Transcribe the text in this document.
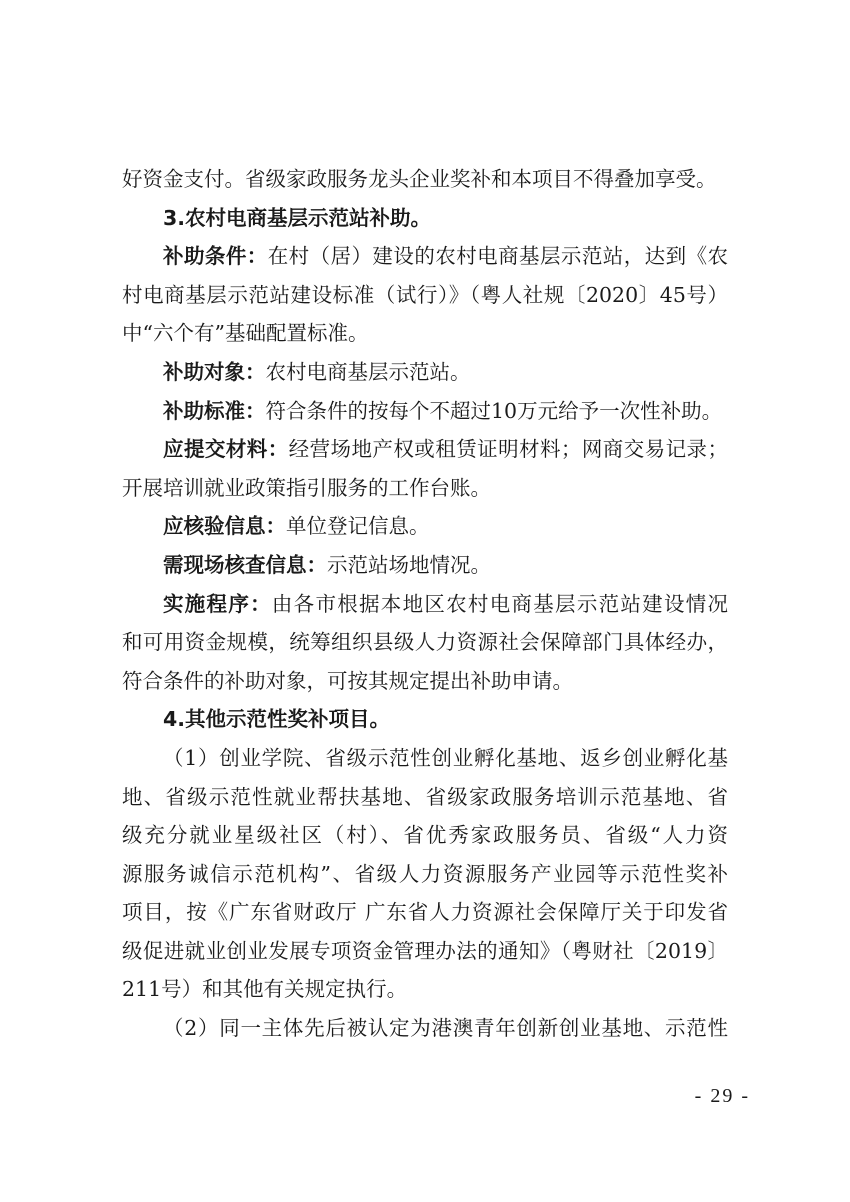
好资金支付。省级家政服务龙头企业奖补和本项目不得叠加享受。
3.农村电商基层示范站补助。
补助条件：在村（居）建设的农村电商基层示范站，达到《农
村电商基层示范站建设标准（试行）》（粤人社规〔2020〕45号）
中“六个有”基础配置标准。
补助对象：农村电商基层示范站。
补助标准：符合条件的按每个不超过10万元给予一次性补助。
应提交材料：经营场地产权或租赁证明材料；网商交易记录；
开展培训就业政策指引服务的工作台账。
应核验信息：单位登记信息。
需现场核查信息：示范站场地情况。
实施程序：由各市根据本地区农村电商基层示范站建设情况
和可用资金规模，统筹组织县级人力资源社会保障部门具体经办，
符合条件的补助对象，可按其规定提出补助申请。
4.其他示范性奖补项目。
（1）创业学院、省级示范性创业孵化基地、返乡创业孵化基
地、省级示范性就业帮扶基地、省级家政服务培训示范基地、省
级充分就业星级社区（村）、省优秀家政服务员、省级“人力资
源服务诚信示范机构”、省级人力资源服务产业园等示范性奖补
项目，按《广东省财政厅 广东省人力资源社会保障厅关于印发省
级促进就业创业发展专项资金管理办法的通知》（粤财社〔2019〕
211号）和其他有关规定执行。
（2）同一主体先后被认定为港澳青年创新创业基地、示范性
- 29 -
